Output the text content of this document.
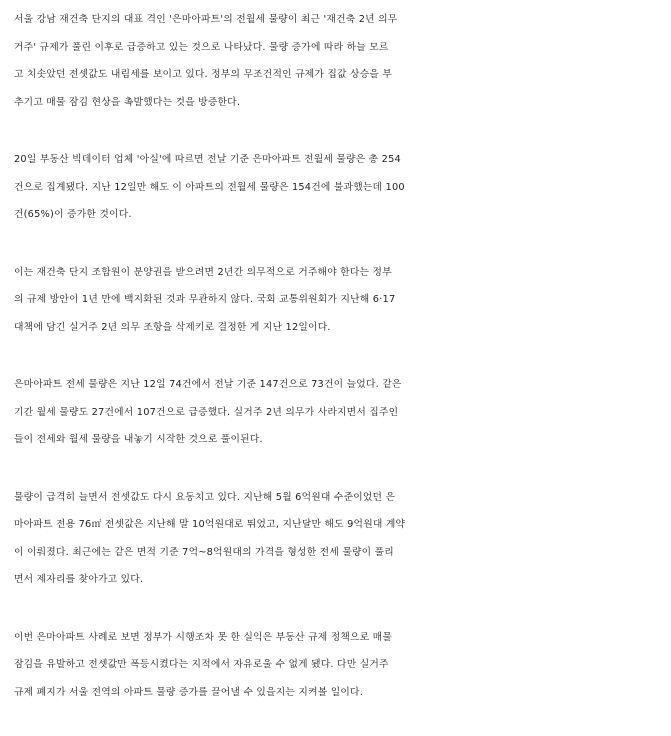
서울 강남 재건축 단지의 대표 격인 '은마아파트'의 전월세 물량이 최근 '재건축 2년 의무
거주' 규제가 풀린 이후로 급증하고 있는 것으로 나타났다. 물량 증가에 따라 하늘 모르
고 치솟았던 전셋값도 내림세를 보이고 있다. 정부의 무조건적인 규제가 집값 상승을 부
추기고 매물 잠김 현상을 촉발했다는 것을 방증한다.
20일 부동산 빅데이터 업체 '아실'에 따르면 전날 기준 은마아파트 전월세 물량은 총 254
건으로 집계됐다. 지난 12일만 해도 이 아파트의 전월세 물량은 154건에 불과했는데 100
건(65%)이 증가한 것이다.
이는 재건축 단지 조합원이 분양권을 받으려면 2년간 의무적으로 거주해야 한다는 정부
의 규제 방안이 1년 만에 백지화된 것과 무관하지 않다. 국회 교통위원회가 지난해 6·17
대책에 담긴 실거주 2년 의무 조항을 삭제키로 결정한 게 지난 12일이다.
은마아파트 전세 물량은 지난 12일 74건에서 전날 기준 147건으로 73건이 늘었다. 같은
기간 월세 물량도 27건에서 107건으로 급증했다. 실거주 2년 의무가 사라지면서 집주인
들이 전세와 월세 물량을 내놓기 시작한 것으로 풀이된다.
물량이 급격히 늘면서 전셋값도 다시 요동치고 있다. 지난해 5월 6억원대 수준이었던 은
마아파트 전용 76㎡ 전셋값은 지난해 말 10억원대로 뛰었고, 지난달만 해도 9억원대 계약
이 이뤄졌다. 최근에는 같은 면적 기준 7억~8억원대의 가격을 형성한 전세 물량이 풀리
면서 제자리를 찾아가고 있다.
이번 은마아파트 사례로 보면 정부가 시행조차 못 한 실익은 부동산 규제 정책으로 매물
잠김을 유발하고 전셋값만 폭등시켰다는 지적에서 자유로울 수 없게 됐다. 다만 실거주
규제 폐지가 서울 전역의 아파트 물량 증가를 끌어낼 수 있을지는 지켜볼 일이다.
